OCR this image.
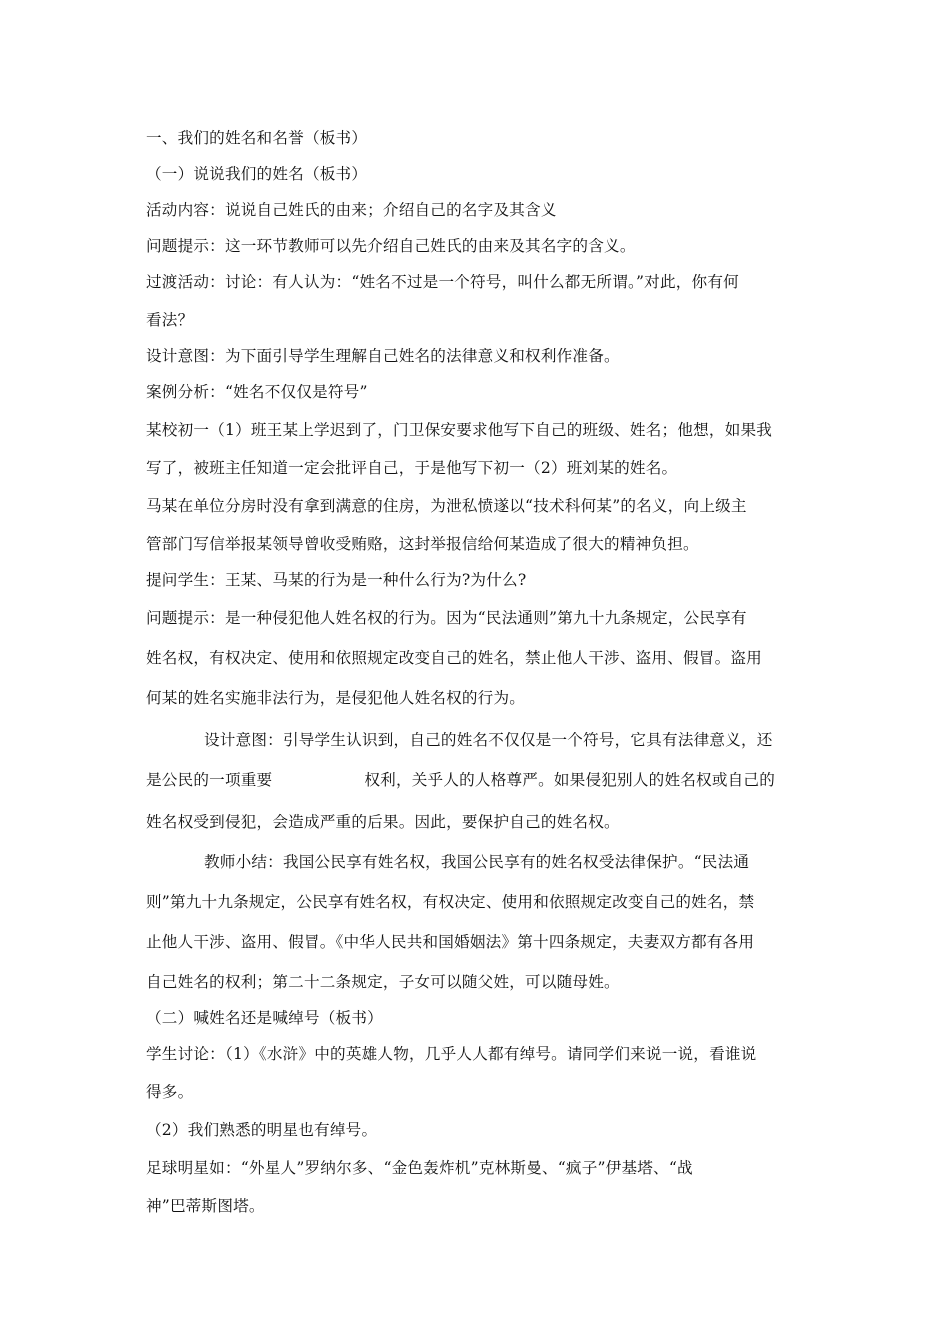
一、我们的姓名和名誉（板书）
（一）说说我们的姓名（板书）
活动内容：说说自己姓氏的由来；介绍自己的名字及其含义
问题提示：这一环节教师可以先介绍自己姓氏的由来及其名字的含义。
过渡活动：讨论：有人认为：“姓名不过是一个符号，叫什么都无所谓。”对此，你有何
看法？
设计意图：为下面引导学生理解自己姓名的法律意义和权利作准备。
案例分析：“姓名不仅仅是符号”
某校初一（1）班王某上学迟到了，门卫保安要求他写下自己的班级、姓名；他想，如果我
写了，被班主任知道一定会批评自己，于是他写下初一（2）班刘某的姓名。
马某在单位分房时没有拿到满意的住房，为泄私愤遂以“技术科何某”的名义，向上级主
管部门写信举报某领导曾收受贿赂，这封举报信给何某造成了很大的精神负担。
提问学生：王某、马某的行为是一种什么行为?为什么?
问题提示：是一种侵犯他人姓名权的行为。因为“民法通则”第九十九条规定，公民享有
姓名权，有权决定、使用和依照规定改变自己的姓名，禁止他人干涉、盗用、假冒。盗用
何某的姓名实施非法行为，是侵犯他人姓名权的行为。
设计意图：引导学生认识到，自己的姓名不仅仅是一个符号，它具有法律意义，还
是公民的一项重要	权利，关乎人的人格尊严。如果侵犯别人的姓名权或自己的
姓名权受到侵犯，会造成严重的后果。因此，要保护自己的姓名权。
教师小结：我国公民享有姓名权，我国公民享有的姓名权受法律保护。“民法通
则”第九十九条规定，公民享有姓名权，有权决定、使用和依照规定改变自己的姓名，禁
止他人干涉、盗用、假冒。《中华人民共和国婚姻法》第十四条规定，夫妻双方都有各用
自己姓名的权利；第二十二条规定，子女可以随父姓，可以随母姓。
（二）喊姓名还是喊绰号（板书）
学生讨论：（1）《水浒》中的英雄人物，几乎人人都有绰号。请同学们来说一说，看谁说
得多。
（2）我们熟悉的明星也有绰号。
足球明星如：“外星人”罗纳尔多、“金色轰炸机”克林斯曼、“疯子”伊基塔、“战
神”巴蒂斯图塔。
